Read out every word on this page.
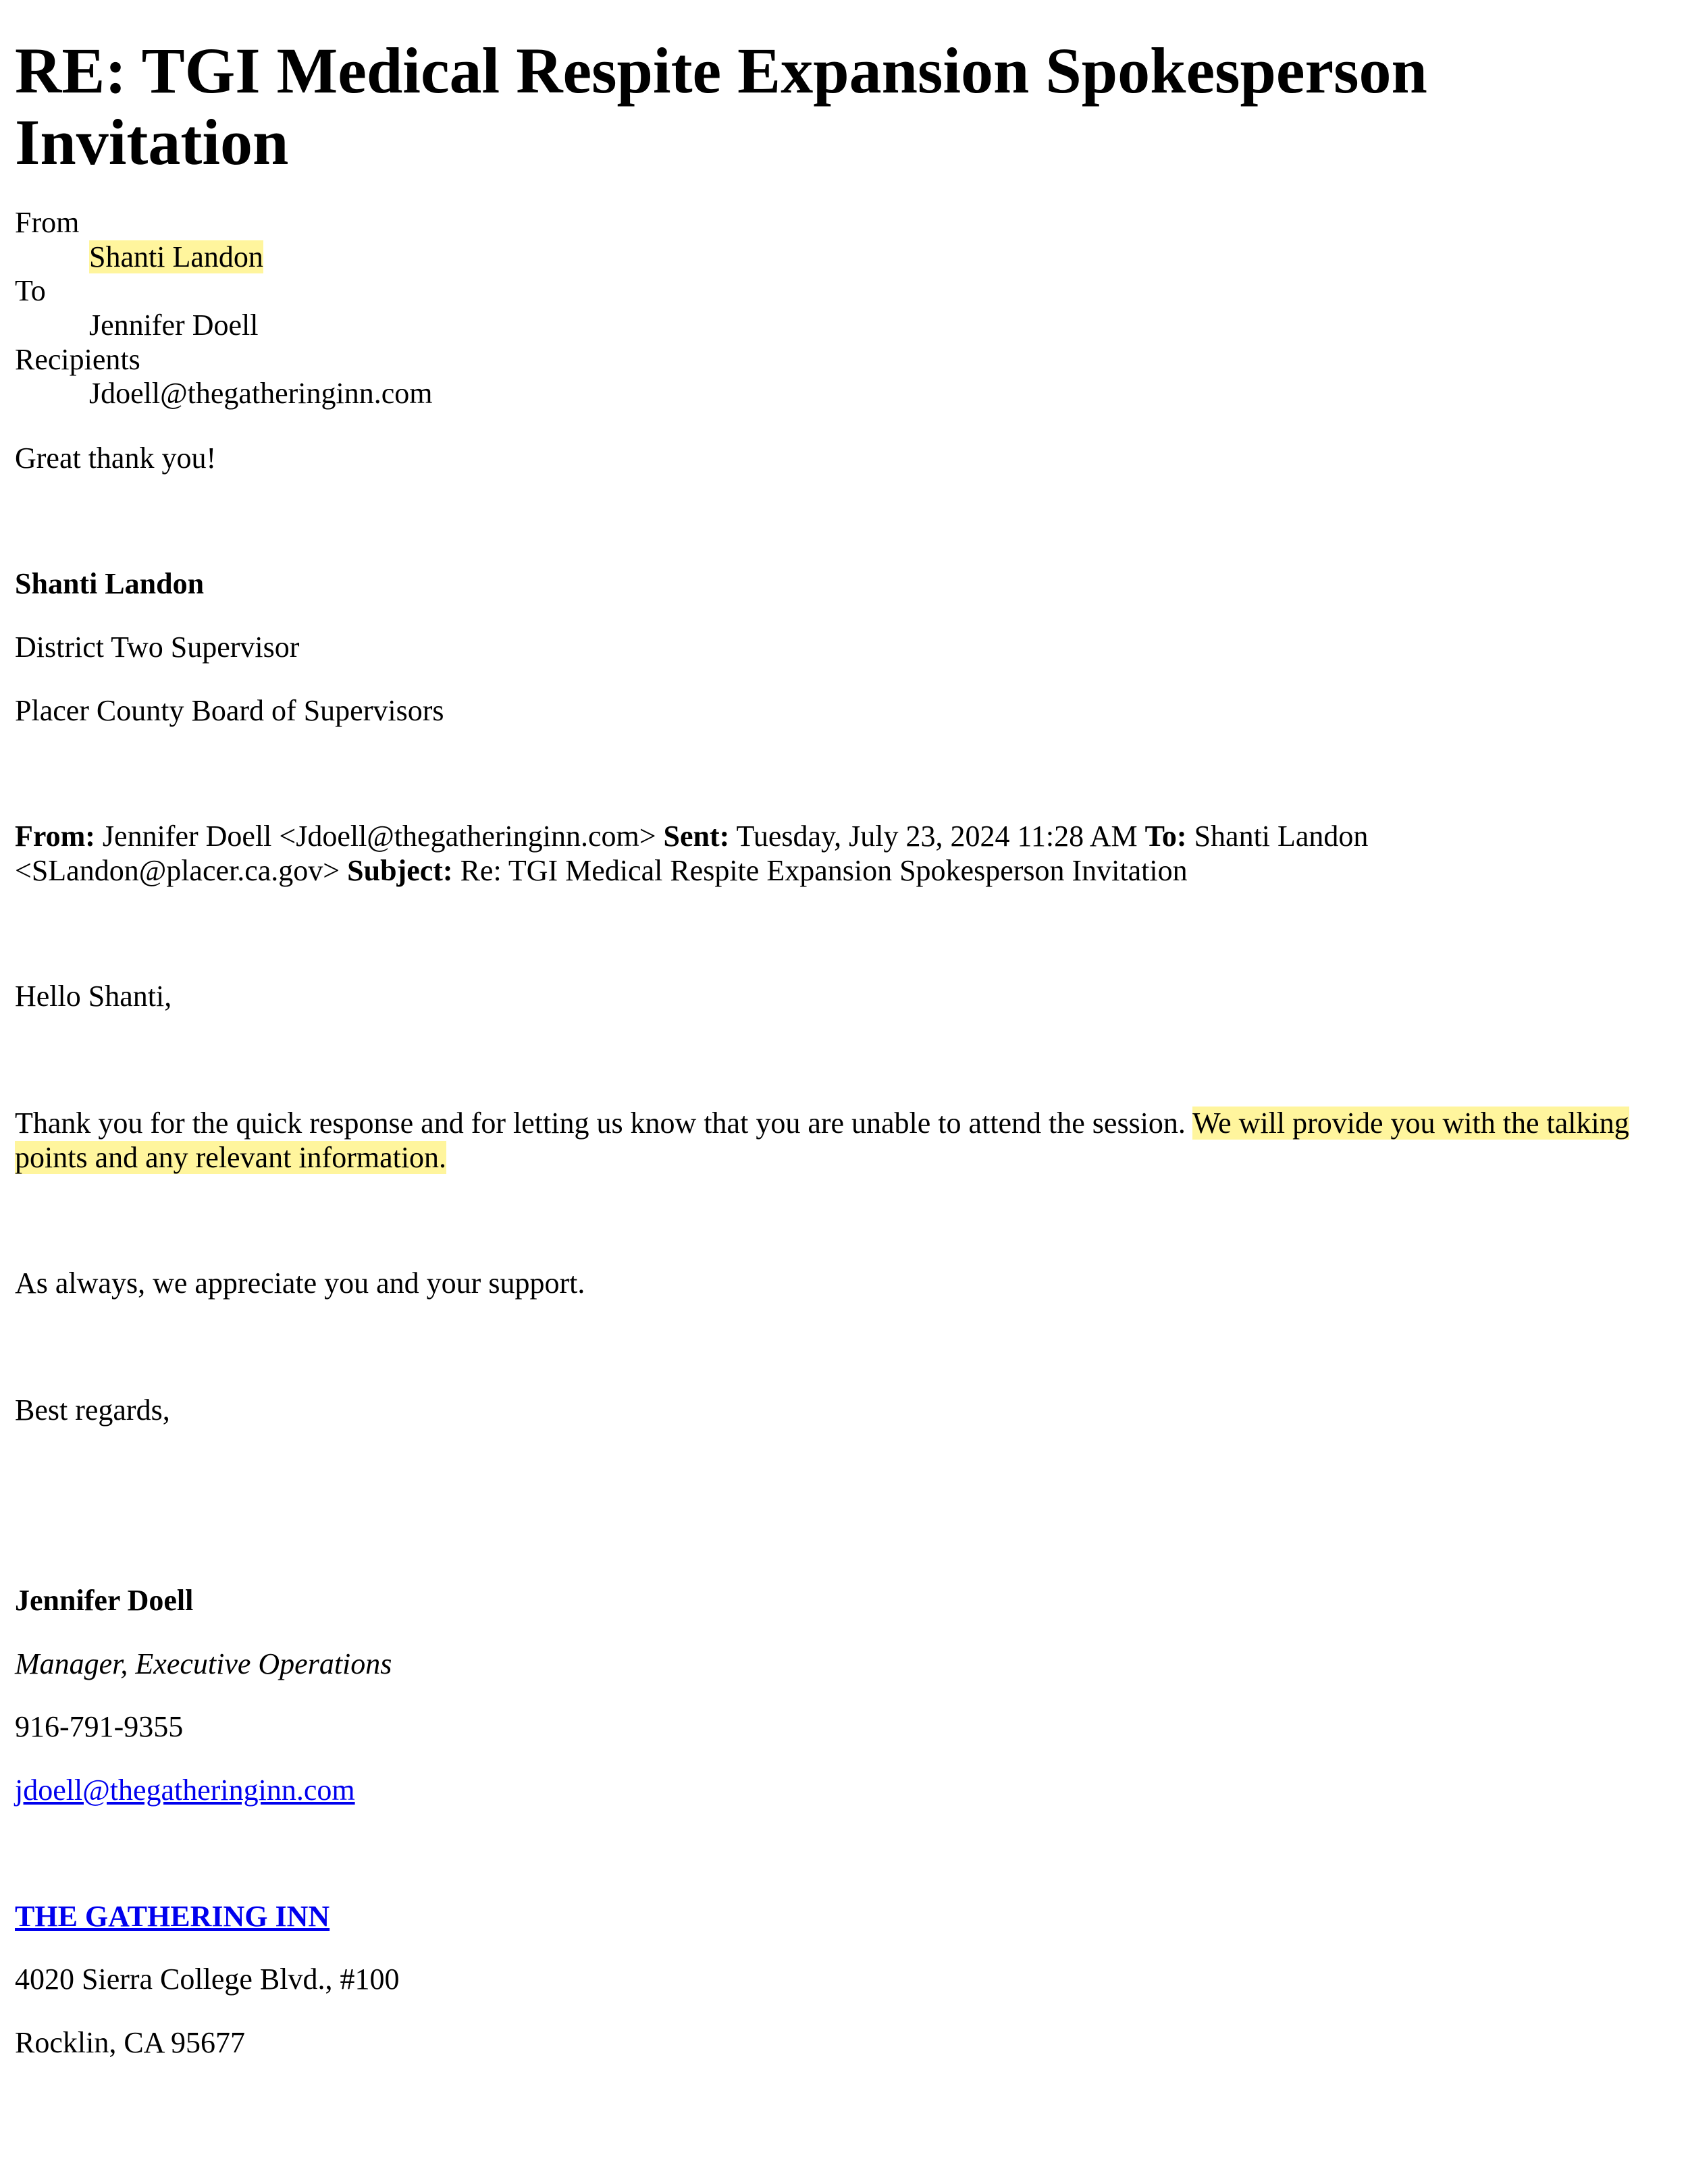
RE: TGI Medical Respite Expansion Spokesperson Invitation
From
Shanti Landon
To
Jennifer Doell
Recipients
Jdoell@thegatheringinn.com

Great thank you!

Shanti Landon

District Two Supervisor

Placer County Board of Supervisors

From: Jennifer Doell <Jdoell@thegatheringinn.com> Sent: Tuesday, July 23, 2024 11:28 AM To: Shanti Landon
<SLandon@placer.ca.gov> Subject: Re: TGI Medical Respite Expansion Spokesperson Invitation

Hello Shanti,

Thank you for the quick response and for letting us know that you are unable to attend the session. We will provide you with the talking
points and any relevant information.

As always, we appreciate you and your support.

Best regards,

Jennifer Doell

Manager, Executive Operations

916-791-9355

jdoell@thegatheringinn.com

THE GATHERING INN

4020 Sierra College Blvd., #100

Rocklin, CA 95677
